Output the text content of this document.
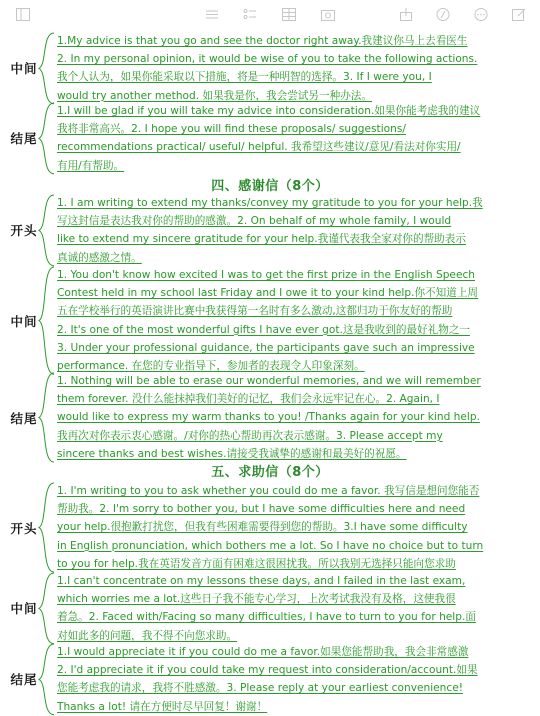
中间
1.My advice is that you go and see the doctor right away.我建议你马上去看医生
2. In my personal opinion, it would be wise of you to take the following actions.
我个人认为，如果你能采取以下措施，将是一种明智的选择。3. If I were you, I
would try another method. 如果我是你，我会尝试另一种办法。
结尾
1.I will be glad if you will take my advice into consideration.如果你能考虑我的建议
我将非常高兴。2. I hope you will find these proposals/ suggestions/
recommendations practical/ useful/ helpful. 我希望这些建议/意见/看法对你实用/
有用/有帮助。
四、感谢信（8个）
开头
1. I am writing to extend my thanks/convey my gratitude to you for your help.我
写这封信是表达我对你的帮助的感激。2. On behalf of my whole family, I would
like to extend my sincere gratitude for your help.我谨代表我全家对你的帮助表示
真诚的感激之情。
中间
1. You don't know how excited I was to get the first prize in the English Speech
Contest held in my school last Friday and I owe it to your kind help.你不知道上周
五在学校举行的英语演讲比赛中我获得第一名时有多么激动,这都归功于你友好的帮助
2. It's one of the most wonderful gifts I have ever got.这是我收到的最好礼物之一
3. Under your professional guidance, the participants gave such an impressive
performance. 在您的专业指导下，参加者的表现令人印象深刻。
结尾
1. Nothing will be able to erase our wonderful memories, and we will remember
them forever. 没什么能抹掉我们美好的记忆，我们会永远牢记在心。2. Again, I
would like to express my warm thanks to you! /Thanks again for your kind help.
我再次对你表示衷心感谢。/对你的热心帮助再次表示感谢。3. Please accept my
sincere thanks and best wishes.请接受我诚挚的感谢和最美好的祝愿。
五、求助信（8个）
开头
1. I'm writing to you to ask whether you could do me a favor. 我写信是想问您能否
帮助我。2. I'm sorry to bother you, but I have some difficulties here and need
your help.很抱歉打扰您，但我有些困难需要得到您的帮助。3.I have some difficulty
in English pronunciation, which bothers me a lot. So I have no choice but to turn
to you for help.我在英语发音方面有困难这很困扰我。所以我别无选择只能向您求助
中间
1.I can't concentrate on my lessons these days, and I failed in the last exam,
which worries me a lot.这些日子我不能专心学习，上次考试我没有及格，这使我很
着急。2. Faced with/Facing so many difficulties, I have to turn to you for help.面
对如此多的问题，我不得不向您求助。
结尾
1.I would appreciate it if you could do me a favor.如果您能帮助我，我会非常感激
2. I'd appreciate it if you could take my request into consideration/account.如果
您能考虑我的请求，我将不胜感激。3. Please reply at your earliest convenience!
Thanks a lot! 请在方便时尽早回复！谢谢！
